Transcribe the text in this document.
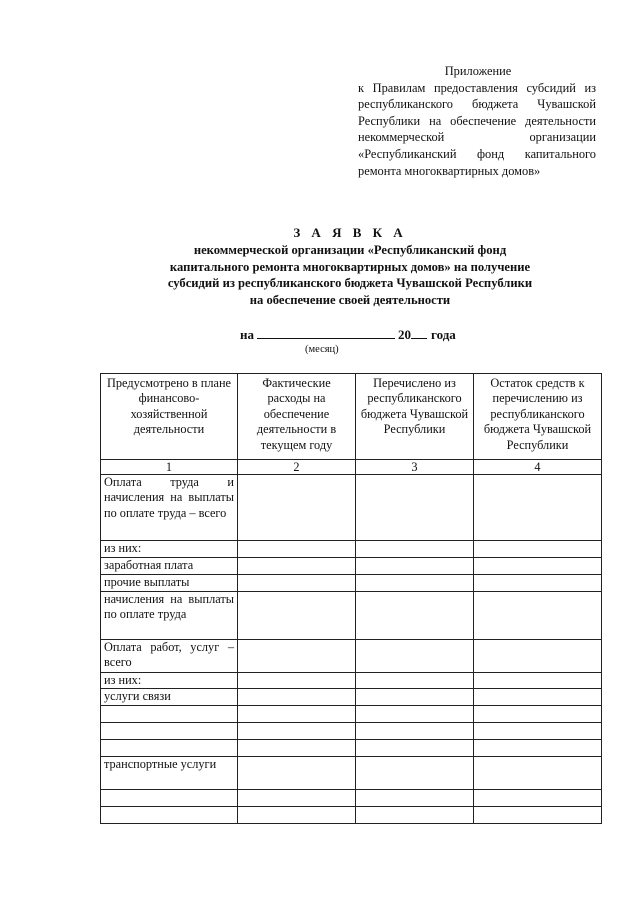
Приложение
к Правилам предоставления субсидий из республиканского бюджета Чувашской Республики на обеспечение деятельности некоммерческой организации «Республиканский фонд капитального ремонта многоквартирных домов»
З А Я В К А
некоммерческой организации «Республиканский фонд
капитального ремонта многоквартирных домов» на получение
субсидий из республиканского бюджета Чувашской Республики
на обеспечение своей деятельности
на	20 года
(месяц)
Предусмотрено в плане финансово-хозяйственной деятельности	Фактические расходы на обеспечение деятельности в текущем году	Перечислено из республиканского бюджета Чувашской Республики	Остаток средств к перечислению из республиканского бюджета Чувашской Республики
1	2	3	4
Оплата труда и начисления на выплаты по оплате труда – всего			
из них:			
заработная плата			
прочие выплаты			
начисления на выплаты по оплате труда			
Оплата работ, услуг – всего			
из них:			
услуги связи			

транспортные услуги			
